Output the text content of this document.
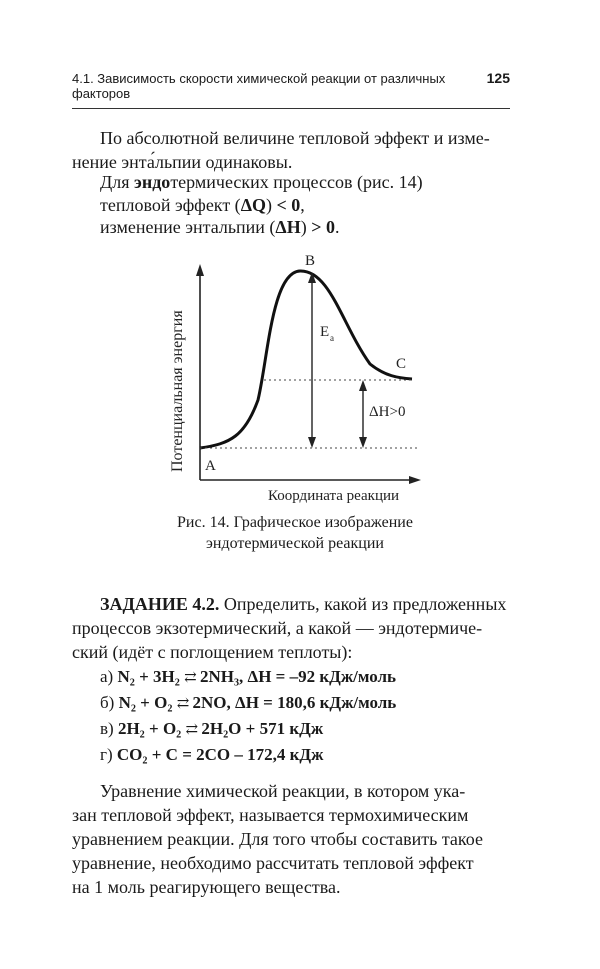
4.1. Зависимость скорости химической реакции от различных факторов
125
По абсолютной величине тепловой эффект и изме-
нение энта́льпии одинаковы.
Для эндотермических процессов (рис. 14)
тепловой эффект (ΔQ) < 0,
изменение энтальпии (ΔH) > 0.
Потенциальная энергия
Координата реакции
A
B
C
E a
ΔH>0
Рис. 14. Графическое изображение
эндотермической реакции
ЗАДАНИЕ 4.2. Определить, какой из предложенных
процессов экзотермический, а какой — эндотермиче-
ский (идёт с поглощением теплоты):
а) N₂ + 3H₂ ⇄ 2NH₃, ΔH = –92 кДж/моль
б) N₂ + O₂ ⇄ 2NO, ΔH = 180,6 кДж/моль
в) 2H₂ + O₂ ⇄ 2H₂O + 571 кДж
г) CO₂ + C = 2CO – 172,4 кДж
Уравнение химической реакции, в котором ука-
зан тепловой эффект, называется термохимическим
уравнением реакции. Для того чтобы составить такое
уравнение, необходимо рассчитать тепловой эффект
на 1 моль реагирующего вещества.
